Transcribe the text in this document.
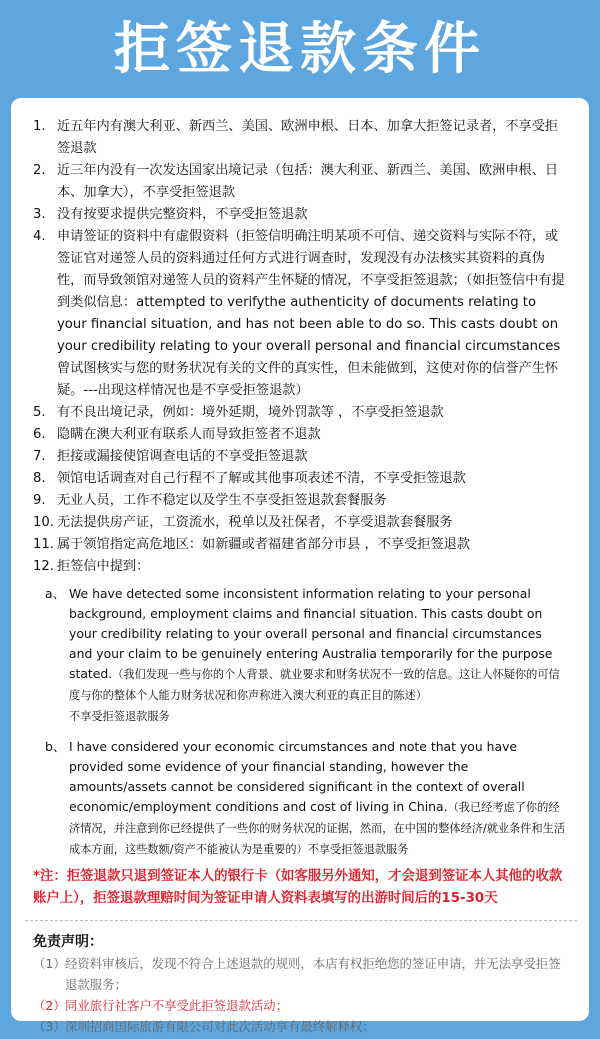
拒签退款条件
1. 近五年内有澳大利亚、新西兰、美国、欧洲申根、日本、加拿大拒签记录者，不享受拒签退款
2. 近三年内没有一次发达国家出境记录（包括：澳大利亚、新西兰、美国、欧洲申根、日本、加拿大），不享受拒签退款
3. 没有按要求提供完整资料，不享受拒签退款
4. 申请签证的资料中有虚假资料（拒签信明确注明某项不可信、递交资料与实际不符，或签证官对递签人员的资料通过任何方式进行调查时，发现没有办法核实其资料的真伪性，而导致领馆对递签人员的资料产生怀疑的情况，不享受拒签退款；（如拒签信中有提到类似信息：attempted to verifythe authenticity of documents relating to your financial situation, and has not been able to do so. This casts doubt on your credibility relating to your overall personal and financial circumstances 曾试图核实与您的财务状况有关的文件的真实性，但未能做到，这使对你的信誉产生怀疑。---出现这样情况也是不享受拒签退款）
5. 有不良出境记录，例如：境外延期，境外罚款等 ，不享受拒签退款
6. 隐瞒在澳大利亚有联系人而导致拒签者不退款
7. 拒接或漏接使馆调查电话的不享受拒签退款
8. 领馆电话调查对自己行程不了解或其他事项表述不清，不享受拒签退款
9. 无业人员，工作不稳定以及学生不享受拒签退款套餐服务
10. 无法提供房产证，工资流水，税单以及社保者，不享受退款套餐服务
11. 属于领馆指定高危地区：如新疆或者福建省部分市县 ，不享受拒签退款
12. 拒签信中提到：
a、 We have detected some inconsistent information relating to your personal background, employment claims and financial situation. This casts doubt on your credibility relating to your overall personal and financial circumstances and your claim to be genuinely entering Australia temporarily for the purpose stated.（我们发现一些与你的个人背景、就业要求和财务状况不一致的信息。这让人怀疑你的可信度与你的整体个人能力财务状况和你声称进入澳大利亚的真正目的陈述）
不享受拒签退款服务
b、 I have considered your economic circumstances and note that you have provided some evidence of your financial standing, however the amounts/assets cannot be considered significant in the context of overall economic/employment conditions and cost of living in China.（我已经考虑了你的经济情况，并注意到你已经提供了一些你的财务状况的证据，然而，在中国的整体经济/就业条件和生活成本方面，这些数额/资产不能被认为是重要的）不享受拒签退款服务
*注：拒签退款只退到签证本人的银行卡（如客服另外通知，才会退到签证本人其他的收款账户上），拒签退款理赔时间为签证申请人资料表填写的出游时间后的15-30天
免责声明：
（1） 经资料审核后，发现不符合上述退款的规则，本店有权拒绝您的签证申请，并无法享受拒签退款服务；
（2） 同业旅行社客户不享受此拒签退款活动；
（3） 深圳招商国际旅游有限公司对此次活动享有最终解释权；
